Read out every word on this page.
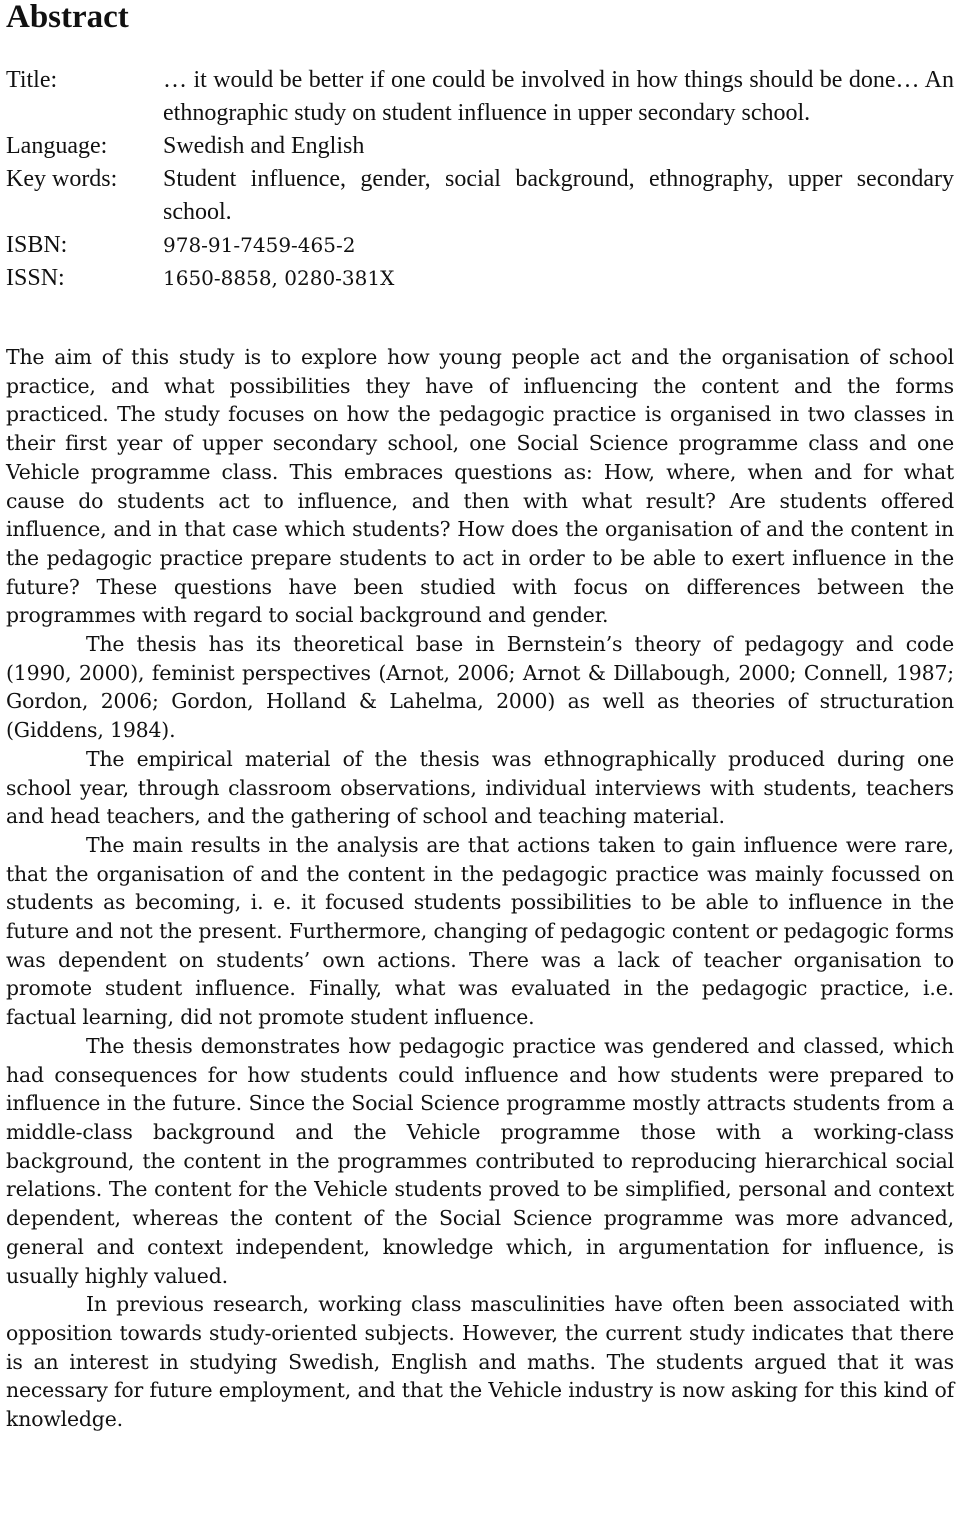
Abstract
Title:	… it would be better if one could be involved in how things should be done… An ethnographic study on student influence in upper secondary school.
Language:	Swedish and English
Key words:	Student influence, gender, social background, ethnography, upper secondary school.
ISBN:	978-91-7459-465-2
ISSN:	1650-8858, 0280-381X

The aim of this study is to explore how young people act and the organisation of school practice, and what possibilities they have of influencing the content and the forms practiced. The study focuses on how the pedagogic practice is organised in two classes in their first year of upper secondary school, one Social Science programme class and one Vehicle programme class. This embraces questions as: How, where, when and for what cause do students act to influence, and then with what result? Are students offered influence, and in that case which students? How does the organisation of and the content in the pedagogic practice prepare students to act in order to be able to exert influence in the future? These questions have been studied with focus on differences between the programmes with regard to social background and gender.

The thesis has its theoretical base in Bernstein’s theory of pedagogy and code (1990, 2000), feminist perspectives (Arnot, 2006; Arnot & Dillabough, 2000; Connell, 1987; Gordon, 2006; Gordon, Holland & Lahelma, 2000) as well as theories of structuration (Giddens, 1984).

The empirical material of the thesis was ethnographically produced during one school year, through classroom observations, individual interviews with students, teachers and head teachers, and the gathering of school and teaching material.

The main results in the analysis are that actions taken to gain influence were rare, that the organisation of and the content in the pedagogic practice was mainly focussed on students as becoming, i. e. it focused students possibilities to be able to influence in the future and not the present. Furthermore, changing of pedagogic content or pedagogic forms was dependent on students’ own actions. There was a lack of teacher organisation to promote student influence. Finally, what was evaluated in the pedagogic practice, i.e. factual learning, did not promote student influence.

The thesis demonstrates how pedagogic practice was gendered and classed, which had consequences for how students could influence and how students were prepared to influence in the future. Since the Social Science programme mostly attracts students from a middle-class background and the Vehicle programme those with a working-class background, the content in the programmes contributed to reproducing hierarchical social relations. The content for the Vehicle students proved to be simplified, personal and context dependent, whereas the content of the Social Science programme was more advanced, general and context independent, knowledge which, in argumentation for influence, is usually highly valued.

In previous research, working class masculinities have often been associated with opposition towards study-oriented subjects. However, the current study indicates that there is an interest in studying Swedish, English and maths. The students argued that it was necessary for future employment, and that the Vehicle industry is now asking for this kind of knowledge.
